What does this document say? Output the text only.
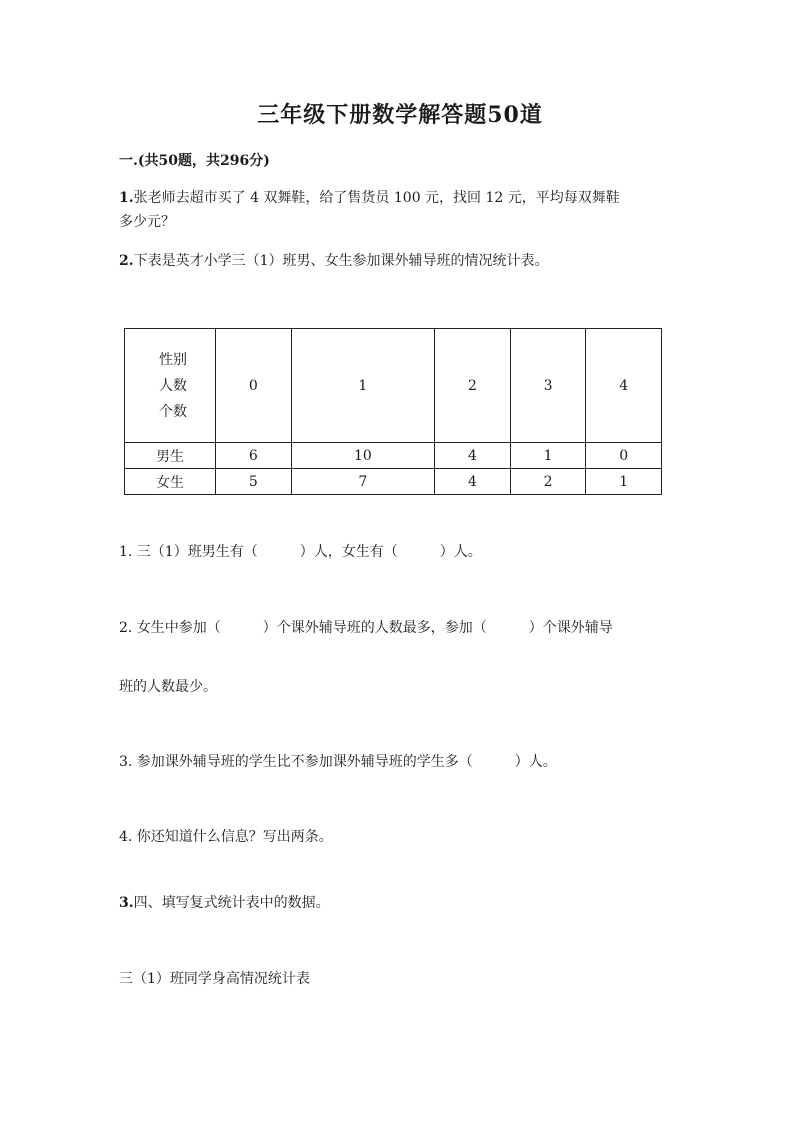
三年级下册数学解答题50道
一.(共50题，共296分)
1.张老师去超市买了 4 双舞鞋，给了售货员 100 元，找回 12 元，平均每双舞鞋
多少元？
2.下表是英才小学三（1）班男、女生参加课外辅导班的情况统计表。
性别
人数
个数	0	1	2	3	4
男生	6	10	4	1	0
女生	5	7	4	2	1
1. 三（1）班男生有（　　　）人，女生有（　　　）人。
2. 女生中参加（　　　）个课外辅导班的人数最多，参加（　　　）个课外辅导
班的人数最少。
3. 参加课外辅导班的学生比不参加课外辅导班的学生多（　　　）人。
4. 你还知道什么信息？写出两条。
3.四、填写复式统计表中的数据。
三（1）班同学身高情况统计表
